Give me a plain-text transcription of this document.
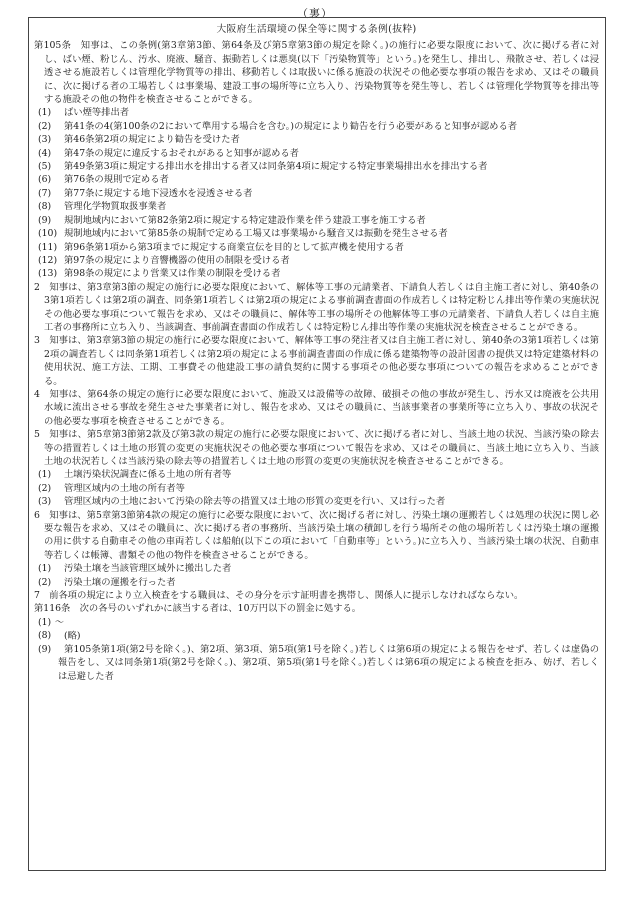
（裏）
大阪府生活環境の保全等に関する条例(抜粋)

第105条　知事は、この条例(第3章第3節、第64条及び第5章第3節の規定を除く。)の施行に必要な限度において、次に掲げる者に対し、ばい煙、粉じん、汚水、廃液、騒音、振動若しくは悪臭(以下「汚染物質等」という。)を発生し、排出し、飛散させ、若しくは浸透させる施設若しくは管理化学物質等の排出、移動若しくは取扱いに係る施設の状況その他必要な事項の報告を求め、又はその職員に、次に掲げる者の工場若しくは事業場、建設工事の場所等に立ち入り、汚染物質等を発生等し、若しくは管理化学物質等を排出等する施設その他の物件を検査させることができる。

(1) ばい煙等排出者

(2) 第41条の4(第100条の2において準用する場合を含む。)の規定により勧告を行う必要があると知事が認める者

(3) 第46条第2項の規定により勧告を受けた者

(4) 第47条の規定に違反するおそれがあると知事が認める者

(5) 第49条第3項に規定する排出水を排出する者又は同条第4項に規定する特定事業場排出水を排出する者

(6) 第76条の規則で定める者

(7) 第77条に規定する地下浸透水を浸透させる者

(8) 管理化学物質取扱事業者

(9) 規制地域内において第82条第2項に規定する特定建設作業を伴う建設工事を施工する者

(10) 規制地域内において第85条の規制で定める工場又は事業場から騒音又は振動を発生させる者

(11) 第96条第1項から第3項までに規定する商業宣伝を目的として拡声機を使用する者

(12) 第97条の規定により音響機器の使用の制限を受ける者

(13) 第98条の規定により営業又は作業の制限を受ける者

2　知事は、第3章第3節の規定の施行に必要な限度において、解体等工事の元請業者、下請負人若しくは自主施工者に対し、第40条の3第1項若しくは第2項の調査、同条第1項若しくは第2項の規定による事前調査書面の作成若しくは特定粉じん排出等作業の実施状況その他必要な事項について報告を求め、又はその職員に、解体等工事の場所その他解体等工事の元請業者、下請負人若しくは自主施工者の事務所に立ち入り、当該調査、事前調査書面の作成若しくは特定粉じん排出等作業の実施状況を検査させることができる。

3　知事は、第3章第3節の規定の施行に必要な限度において、解体等工事の発注者又は自主施工者に対し、第40条の3第1項若しくは第2項の調査若しくは同条第1項若しくは第2項の規定による事前調査書面の作成に係る建築物等の設計図書の提供又は特定建築材料の使用状況、施工方法、工期、工事費その他建設工事の請負契約に関する事項その他必要な事項についての報告を求めることができる。

4　知事は、第64条の規定の施行に必要な限度において、施設又は設備等の故障、破損その他の事故が発生し、汚水又は廃液を公共用水域に流出させる事故を発生させた事業者に対し、報告を求め、又はその職員に、当該事業者の事業所等に立ち入り、事故の状況その他必要な事項を検査させることができる。

5　知事は、第5章第3節第2款及び第3款の規定の施行に必要な限度において、次に掲げる者に対し、当該土地の状況、当該汚染の除去等の措置若しくは土地の形質の変更の実施状況その他必要な事項について報告を求め、又はその職員に、当該土地に立ち入り、当該土地の状況若しくは当該汚染の除去等の措置若しくは土地の形質の変更の実施状況を検査させることができる。

(1) 土壌汚染状況調査に係る土地の所有者等

(2) 管理区域内の土地の所有者等

(3) 管理区域内の土地において汚染の除去等の措置又は土地の形質の変更を行い、又は行った者

6　知事は、第5章第3節第4款の規定の施行に必要な限度において、次に掲げる者に対し、汚染土壌の運搬若しくは処理の状況に関し必要な報告を求め、又はその職員に、次に掲げる者の事務所、当該汚染土壌の積卸しを行う場所その他の場所若しくは汚染土壌の運搬の用に供する自動車その他の車両若しくは船舶(以下この項において「自動車等」という。)に立ち入り、当該汚染土壌の状況、自動車等若しくは帳簿、書類その他の物件を検査させることができる。

(1) 汚染土壌を当該管理区域外に搬出した者

(2) 汚染土壌の運搬を行った者

7　前各項の規定により立入検査をする職員は、その身分を示す証明書を携帯し、関係人に提示しなければならない。

第116条　次の各号のいずれかに該当する者は、10万円以下の罰金に処する。

(1)～(8) (略)

(9) 第105条第1項(第2号を除く。)、第2項、第3項、第5項(第1号を除く。)若しくは第6項の規定による報告をせず、若しくは虚偽の報告をし、又は同条第1項(第2号を除く。)、第2項、第5項(第1号を除く。)若しくは第6項の規定による検査を拒み、妨げ、若しくは忌避した者
